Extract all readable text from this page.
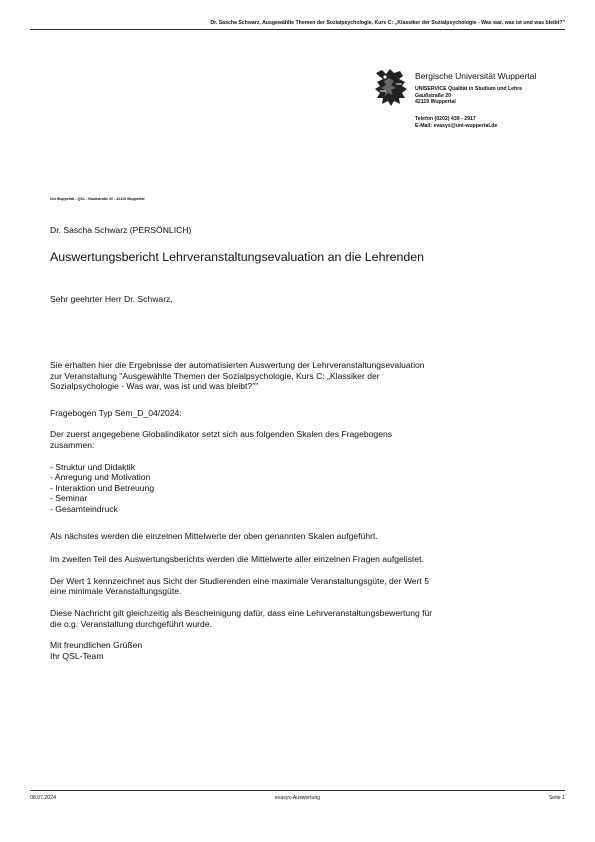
Dr. Sascha Schwarz, Ausgewählte Themen der Sozialpsychologie, Kurs C: „Klassiker der Sozialpsychologie - Was war, was ist und was bleibt?"
Bergische Universität Wuppertal
UNISERVICE Qualität in Studium und Lehre
Gaußstraße 20
42119 Wuppertal
Telefon (0202) 439 - 2917
E-Mail: evasys@uni-wuppertal.de
Uni Wuppertal - QSL - Gaußstraße 20 - 42119 Wuppertal
Dr. Sascha Schwarz (PERSÖNLICH)
Auswertungsbericht Lehrveranstaltungsevaluation an die Lehrenden
Sehr geehrter Herr Dr. Schwarz,

Sie erhalten hier die Ergebnisse der automatisierten Auswertung der Lehrveranstaltungsevaluation

zur Veranstaltung "Ausgewählte Themen der Sozialpsychologie, Kurs C: „Klassiker der

Sozialpsychologie - Was war, was ist und was bleibt?""

Fragebogen Typ Sem_D_04/2024:

Der zuerst angegebene Globalindikator setzt sich aus folgenden Skalen des Fragebogens

zusammen:

- Struktur und Didaktik
- Anregung und Motivation
- Interaktion und Betreuung
- Seminar
- Gesamteindruck

Als nächstes werden die einzelnen Mittelwerte der oben genannten Skalen aufgeführt.

Im zweiten Teil des Auswertungsberichts werden die Mittelwerte aller einzelnen Fragen aufgelistet.

Der Wert 1 kennzeichnet aus Sicht der Studierenden eine maximale Veranstaltungsgüte, der Wert 5

eine minimale Veranstaltungsgüte.

Diese Nachricht gilt gleichzeitig als Bescheinigung dafür, dass eine Lehrveranstaltungsbewertung für

die o.g. Veranstaltung durchgeführt wurde.

Mit freundlichen Grüßen

Ihr QSL-Team

08.07.2024	evasys-Auswertung	Seite 1
